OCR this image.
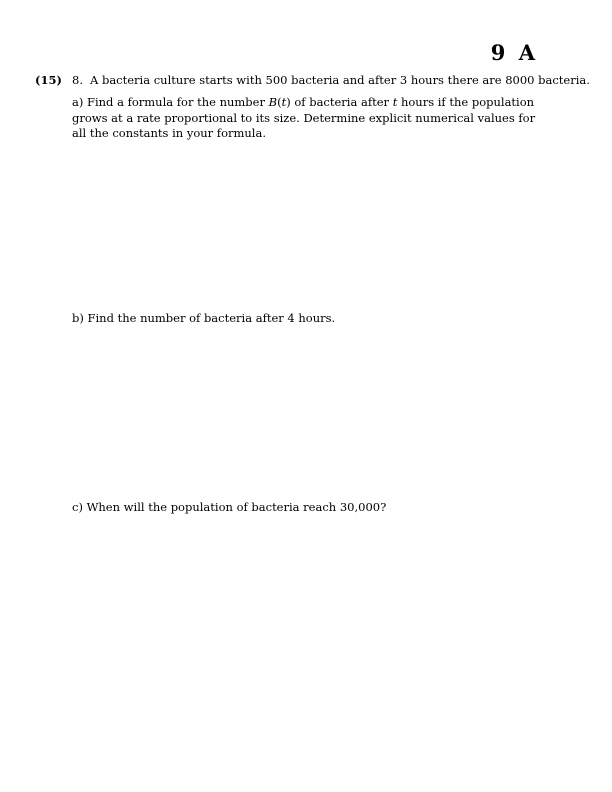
9 A
(15) 8. A bacteria culture starts with 500 bacteria and after 3 hours there are 8000 bacteria.
a) Find a formula for the number B(t) of bacteria after t hours if the population grows at a rate proportional to its size. Determine explicit numerical values for all the constants in your formula.
b) Find the number of bacteria after 4 hours.
c) When will the population of bacteria reach 30,000?
